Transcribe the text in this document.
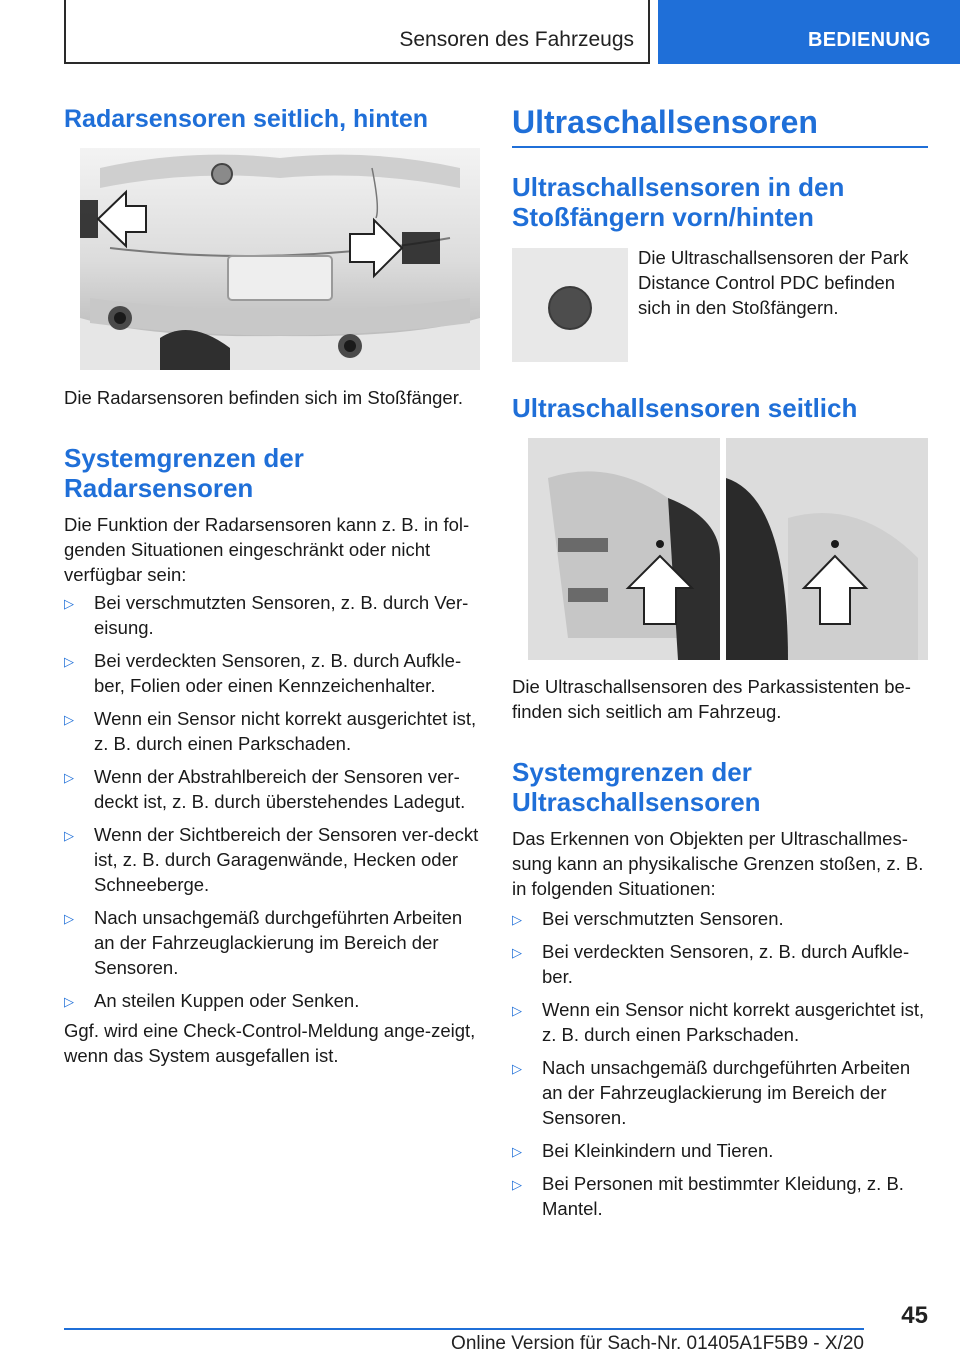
Sensoren des Fahrzeugs	BEDIENUNG
Radarsensoren seitlich, hinten

Die Radarsensoren befinden sich im Stoßfänger.

Systemgrenzen der
Radarsensoren

Die Funktion der Radarsensoren kann z. B. in fol-genden Situationen eingeschränkt oder nicht verfügbar sein:

▷ Bei verschmutzten Sensoren, z. B. durch Ver-eisung.
▷ Bei verdeckten Sensoren, z. B. durch Aufkle-ber, Folien oder einen Kennzeichenhalter.
▷ Wenn ein Sensor nicht korrekt ausgerichtet ist, z. B. durch einen Parkschaden.
▷ Wenn der Abstrahlbereich der Sensoren ver-deckt ist, z. B. durch überstehendes Ladegut.
▷ Wenn der Sichtbereich der Sensoren ver-deckt ist, z. B. durch Garagenwände, Hecken oder Schneeberge.
▷ Nach unsachgemäß durchgeführten Arbeiten an der Fahrzeuglackierung im Bereich der Sensoren.
▷ An steilen Kuppen oder Senken.

Ggf. wird eine Check-Control-Meldung ange-zeigt, wenn das System ausgefallen ist.

Ultraschallsensoren
Ultraschallsensoren in den
Stoßfängern vorn/hinten

Die Ultraschallsensoren der Park Distance Control PDC befinden sich in den Stoßfängern.

Ultraschallsensoren seitlich

Die Ultraschallsensoren des Parkassistenten be-finden sich seitlich am Fahrzeug.

Systemgrenzen der
Ultraschallsensoren

Das Erkennen von Objekten per Ultraschallmes-sung kann an physikalische Grenzen stoßen, z. B. in folgenden Situationen:

▷ Bei verschmutzten Sensoren.
▷ Bei verdeckten Sensoren, z. B. durch Aufkle-ber.
▷ Wenn ein Sensor nicht korrekt ausgerichtet ist, z. B. durch einen Parkschaden.
▷ Nach unsachgemäß durchgeführten Arbeiten an der Fahrzeuglackierung im Bereich der Sensoren.
▷ Bei Kleinkindern und Tieren.
▷ Bei Personen mit bestimmter Kleidung, z. B. Mantel.
45
Online Version für Sach-Nr. 01405A1F5B9 - X/20
